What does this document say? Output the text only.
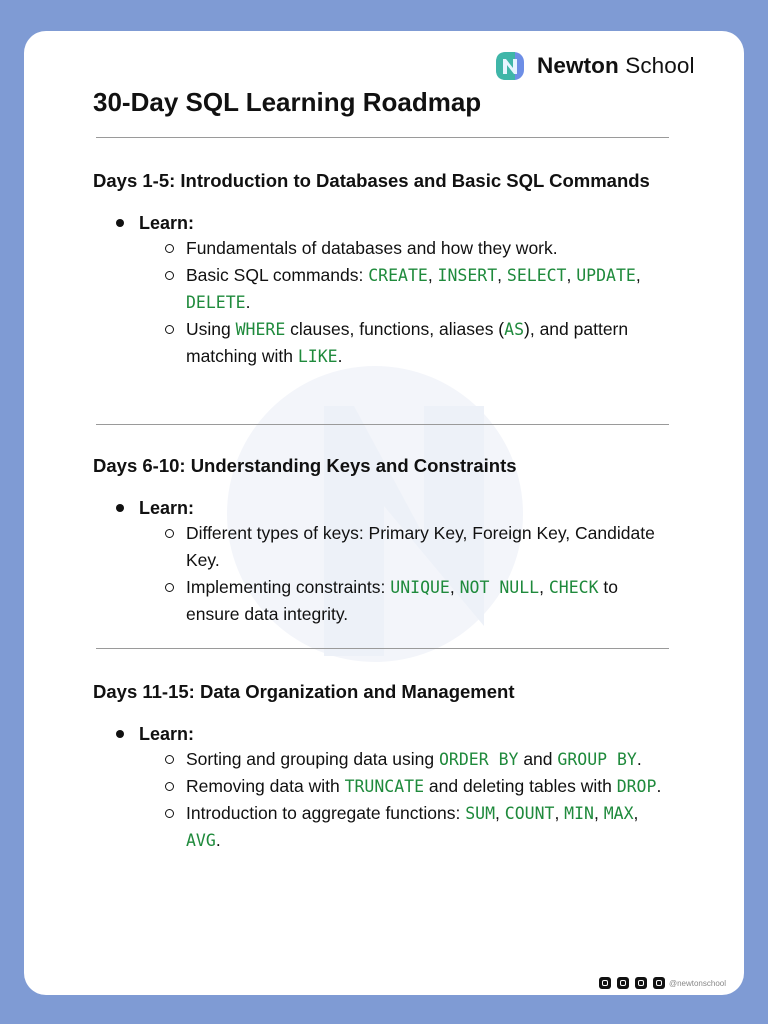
Newton School
30-Day SQL Learning Roadmap
Days 1-5: Introduction to Databases and Basic SQL Commands
Learn:
Fundamentals of databases and how they work.
Basic SQL commands: CREATE, INSERT, SELECT, UPDATE, DELETE.
Using WHERE clauses, functions, aliases (AS), and pattern matching with LIKE.
Days 6-10: Understanding Keys and Constraints
Learn:
Different types of keys: Primary Key, Foreign Key, Candidate Key.
Implementing constraints: UNIQUE, NOT NULL, CHECK to ensure data integrity.
Days 11-15: Data Organization and Management
Learn:
Sorting and grouping data using ORDER BY and GROUP BY.
Removing data with TRUNCATE and deleting tables with DROP.
Introduction to aggregate functions: SUM, COUNT, MIN, MAX, AVG.
@newtonschool
